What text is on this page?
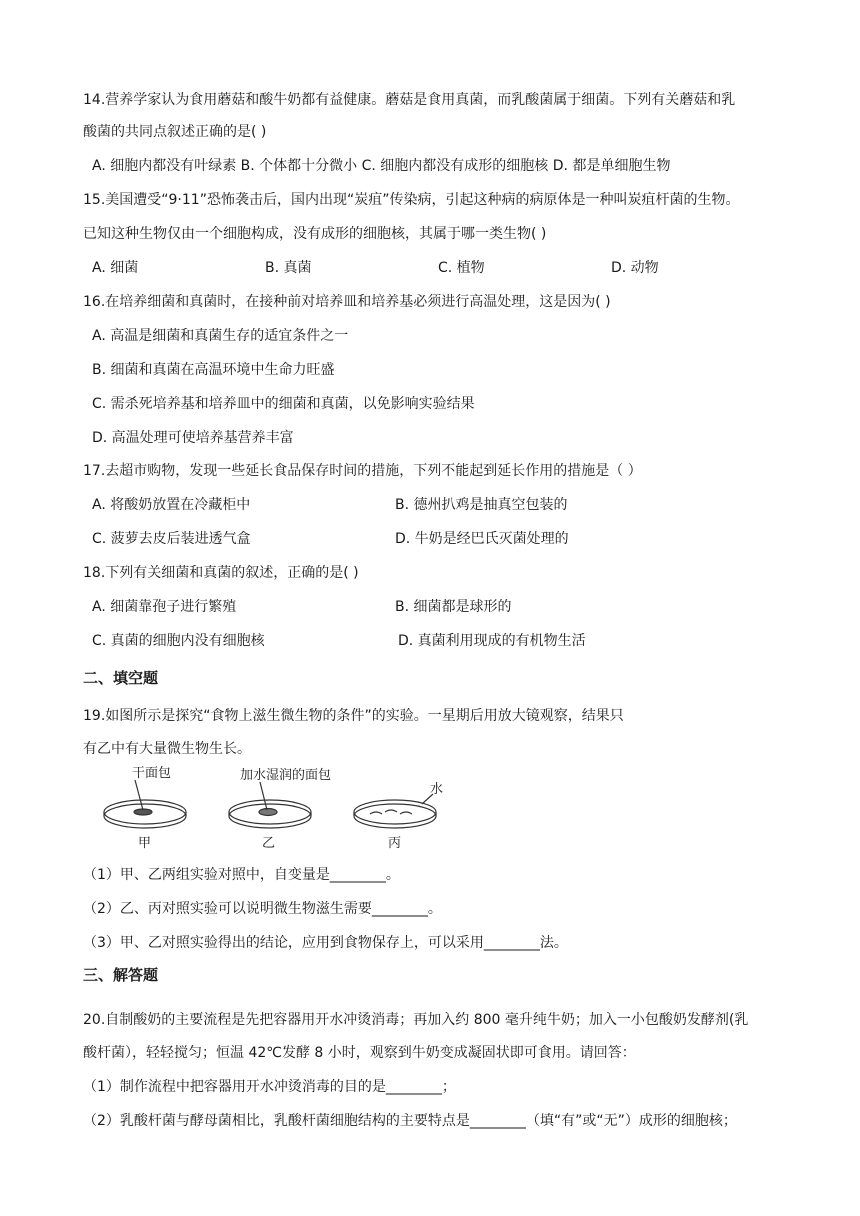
14.营养学家认为食用蘑菇和酸牛奶都有益健康。蘑菇是食用真菌，而乳酸菌属于细菌。下列有关蘑菇和乳
酸菌的共同点叙述正确的是( )
A. 细胞内都没有叶绿素 B. 个体都十分微小 C. 细胞内都没有成形的细胞核 D. 都是单细胞生物
15.美国遭受“9·11”恐怖袭击后，国内出现“炭疽”传染病，引起这种病的病原体是一种叫炭疽杆菌的生物。
已知这种生物仅由一个细胞构成，没有成形的细胞核，其属于哪一类生物( )
A. 细菌	B. 真菌	C. 植物	D. 动物
16.在培养细菌和真菌时，在接种前对培养皿和培养基必须进行高温处理，这是因为( )
A. 高温是细菌和真菌生存的适宜条件之一
B. 细菌和真菌在高温环境中生命力旺盛
C. 需杀死培养基和培养皿中的细菌和真菌，以免影响实验结果
D. 高温处理可使培养基营养丰富
17.去超市购物，发现一些延长食品保存时间的措施，下列不能起到延长作用的措施是（ ）
A. 将酸奶放置在冷藏柜中	B. 德州扒鸡是抽真空包装的
C. 菠萝去皮后装进透气盒	D. 牛奶是经巴氏灭菌处理的
18.下列有关细菌和真菌的叙述，正确的是( )
A. 细菌靠孢子进行繁殖	B. 细菌都是球形的
C. 真菌的细胞内没有细胞核	D. 真菌利用现成的有机物生活
二、填空题
19.如图所示是探究“食物上滋生微生物的条件”的实验。一星期后用放大镜观察，结果只
有乙中有大量微生物生长。
干面包	加水湿润的面包
水
甲	乙	丙
（1）甲、乙两组实验对照中，自变量是________。
（2）乙、丙对照实验可以说明微生物滋生需要________。
（3）甲、乙对照实验得出的结论，应用到食物保存上，可以采用________法。
三、解答题
20.自制酸奶的主要流程是先把容器用开水冲烫消毒；再加入约 800 毫升纯牛奶；加入一小包酸奶发酵剂(乳
酸杆菌），轻轻搅匀；恒温 42℃发酵 8 小时，观察到牛奶变成凝固状即可食用。请回答：
（1）制作流程中把容器用开水冲烫消毒的目的是________；
（2）乳酸杆菌与酵母菌相比，乳酸杆菌细胞结构的主要特点是________（填“有”或“无”）成形的细胞核；
